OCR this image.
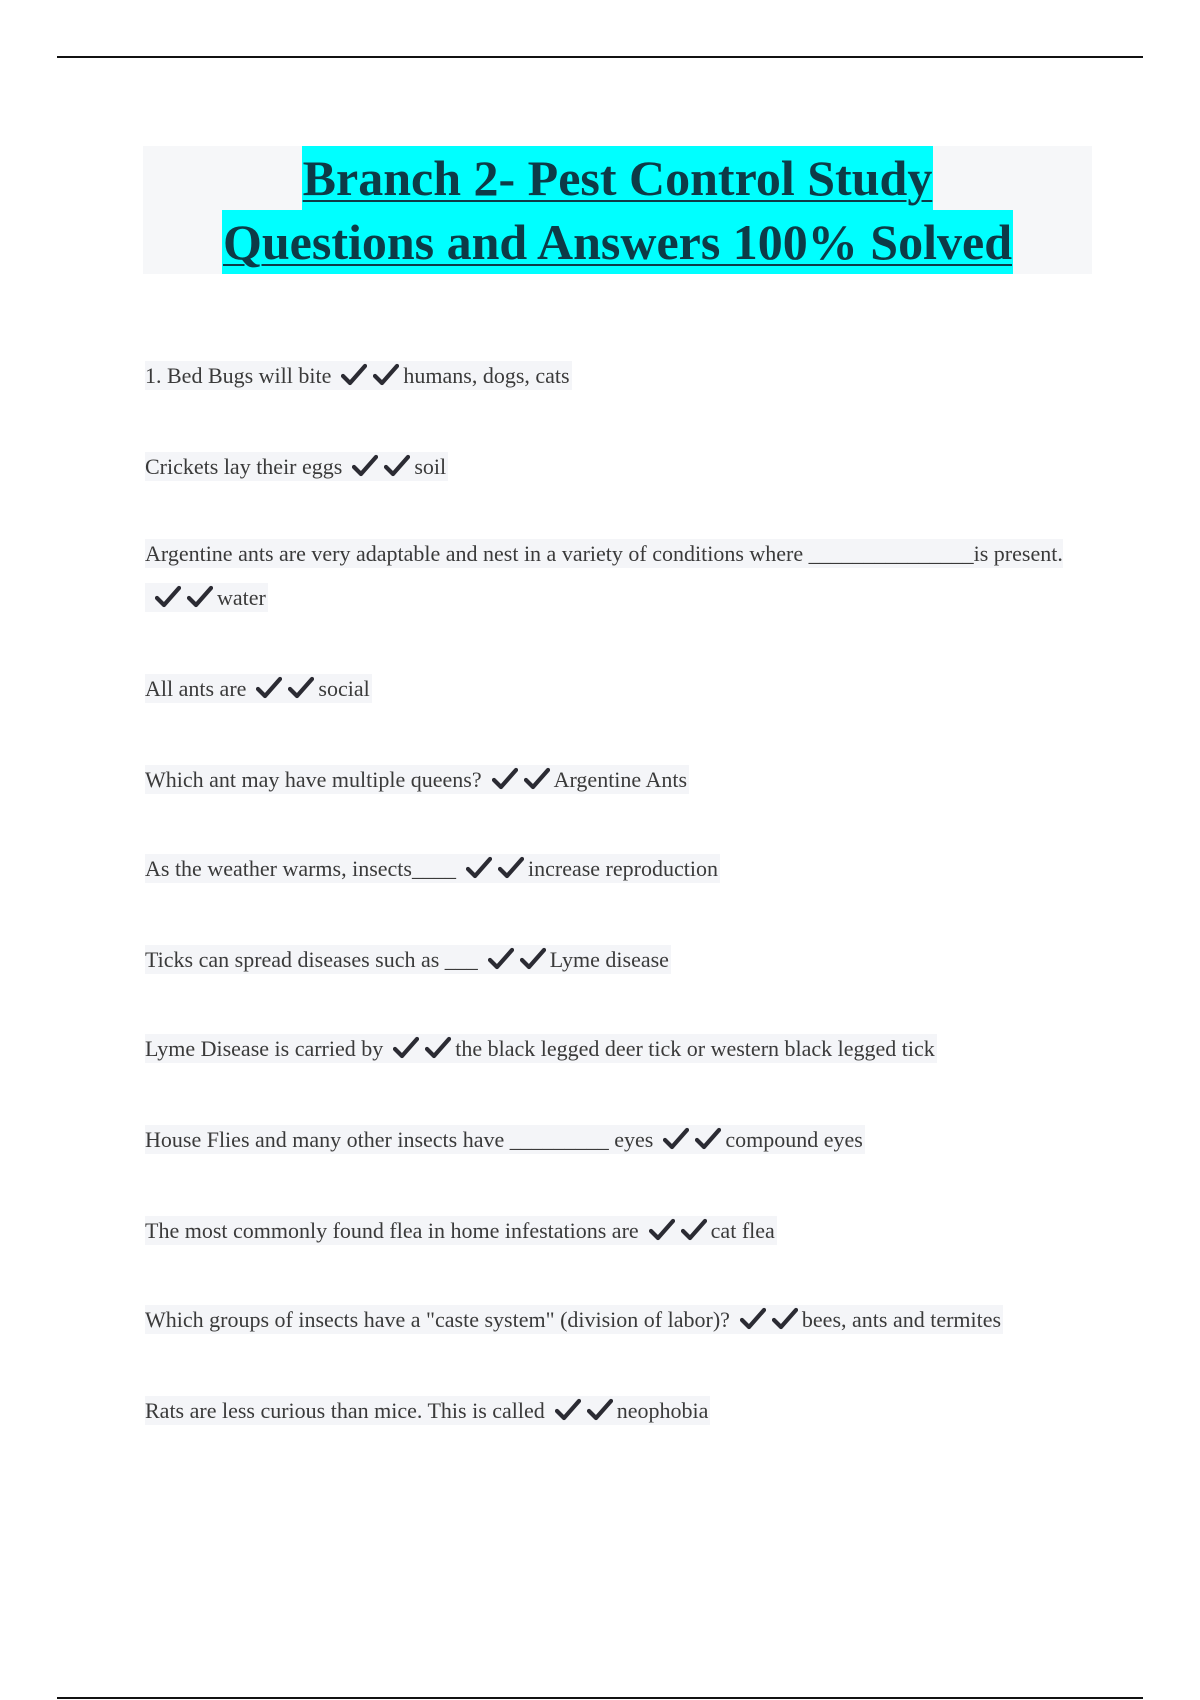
Branch 2- Pest Control Study
Questions and Answers 100% Solved
1. Bed Bugs will bite	humans, dogs, cats
Crickets lay their eggs	soil
Argentine ants are very adaptable and nest in a variety of conditions where _______________is present.water
All ants are	social
Which ant may have multiple queens?	Argentine Ants
As the weather warms, insects____	increase reproduction
Ticks can spread diseases such as ___	Lyme disease
Lyme Disease is carried by	the black legged deer tick or western black legged tick
House Flies and many other insects have _________ eyes	compound eyes
The most commonly found flea in home infestations are	cat flea
Which groups of insects have a "caste system" (division of labor)?	bees, ants and termites
Rats are less curious than mice. This is called	neophobia
